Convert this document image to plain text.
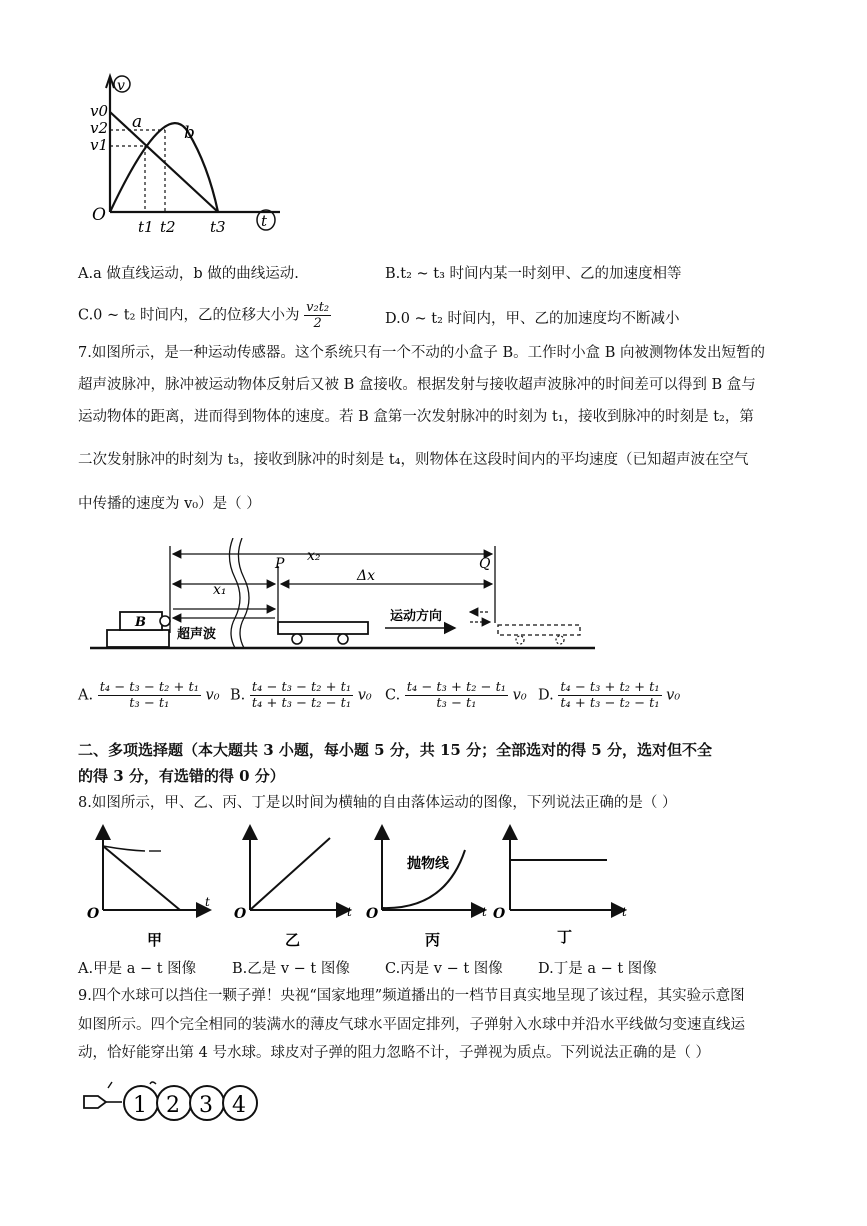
v
v0
v2
v1
a
b
O
t1 t2 t3 t
A.a 做直线运动，b 做的曲线运动.	B.t₂ ~ t₃ 时间内某一时刻甲、乙的加速度相等
C.0 ~ t₂ 时间内，乙的位移大小为 $\frac{\text{v₂t₂}}{2}$	D.0 ~ t₂ 时间内，甲、乙的加速度均不断减小
7.如图所示，是一种运动传感器。这个系统只有一个不动的小盒子 B。工作时小盒 B 向被测物体发出短暂的
超声波脉冲，脉冲被运动物体反射后又被 B 盒接收。根据发射与接收超声波脉冲的时间差可以得到 B 盒与
运动物体的距离，进而得到物体的速度。若 B 盒第一次发射脉冲的时刻为 t₁，接收到脉冲的时刻是 t₂，第
二次发射脉冲的时刻为 t₃，接收到脉冲的时刻是 t₄，则物体在这段时间内的平均速度（已知超声波在空气
中传播的速度为 v₀）是（ ）
x₂
x₁
P	Q
Δx
运动方向
B
超声波
A. $\frac{\text{t₄ − t₃ − t₂ + t₁}}{\text{t₃ − t₁}} v_0$ B. $\frac{\text{t₄ − t₃ − t₂ + t₁}}{\text{t₄ + t₃ − t₂ − t₁}} v_0$ C. $\frac{\text{t₄ − t₃ + t₂ − t₁}}{\text{t₃ − t₁}} v_0$ D. $\frac{\text{t₄ − t₃ + t₂ + t₁}}{\text{t₄ + t₃ − t₂ − t₁}} v_0$
二、多项选择题（本大题共 3 小题，每小题 5 分，共 15 分；全部选对的得 5 分，选对但不全
的得 3 分，有选错的得 0 分）
8.如图所示，甲、乙、丙、丁是以时间为横轴的自由落体运动的图像，下列说法正确的是（ ）
O
t
甲
O	t
乙
O	t
抛物线
丙
O	t
丁
A.甲是 a − t 图像 B.乙是 v − t 图像 C.丙是 v − t 图像 D.丁是 a − t 图像
9.四个水球可以挡住一颗子弹！央视“国家地理”频道播出的一档节目真实地呈现了该过程，其实验示意图
如图所示。四个完全相同的装满水的薄皮气球水平固定排列，子弹射入水球中并沿水平线做匀变速直线运
动，恰好能穿出第 4 号水球。球皮对子弹的阻力忽略不计，子弹视为质点。下列说法正确的是（ ）
1 2 3 4
